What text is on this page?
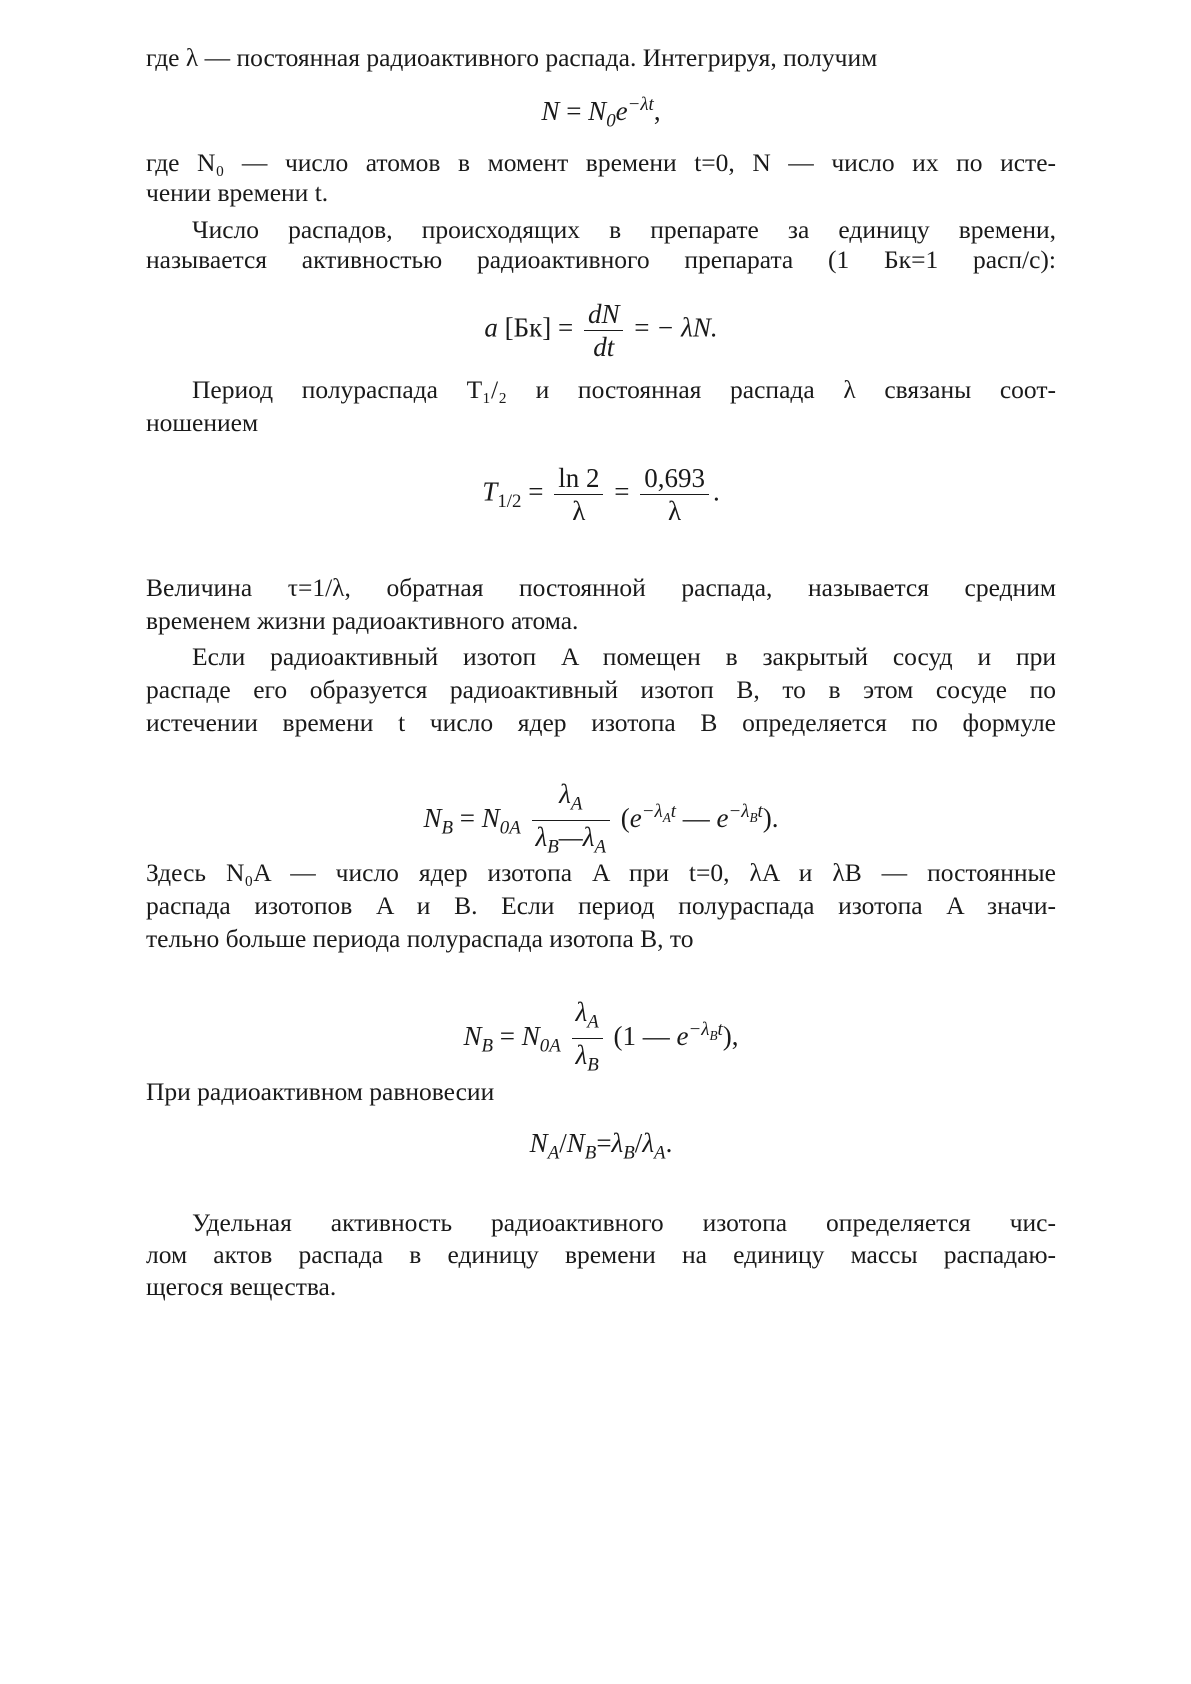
где λ — постоянная радиоактивного распада. Интегрируя, получим
$N = N_0e^{-\lambda t}$,
где N₀ — число атомов в момент времени t=0, N — число их по исте-
чении времени t.
Число распадов, происходящих в препарате за единицу времени,
называется активностью радиоактивного препарата (1 Бк=1 расп/с):
a $[Бк] = \frac{dN}{dt}$ = − λN.
Период полураспада T₁/₂ и постоянная распада λ связаны соот-
ношением
$T_{1/2} = \frac{\ln 2}{\lambda} = \frac{0,693}{\lambda}$ .
Величина τ=1/λ, обратная постоянной распада, называется средним
временем жизни радиоактивного атома.
Если радиоактивный изотоп A помещен в закрытый сосуд и при
распаде его образуется радиоактивный изотоп B, то в этом сосуде по
истечении времени t число ядер изотопа B определяется по формуле
$N_B = N_{0A} \frac{\lambda_A}{\lambda_B—\lambda_A} (e^{-\lambda_At}$ — $e^{-\lambda_Bt}$).
Здесь N₀A — число ядер изотопа A при t=0, λA и λB — постоянные
распада изотопов A и B. Если период полураспада изотопа A значи-
тельно больше периода полураспада изотопа B, то
$N_B = N_{0A} \frac{\lambda_A}{\lambda_B} (1$ — $e^{-\lambda_Bt}$),
При радиоактивном равновесии
$N_A/N_B=\lambda_B/\lambda_A$.
Удельная активность радиоактивного изотопа определяется чис-
лом актов распада в единицу времени на единицу массы распадаю-
щегося вещества.
